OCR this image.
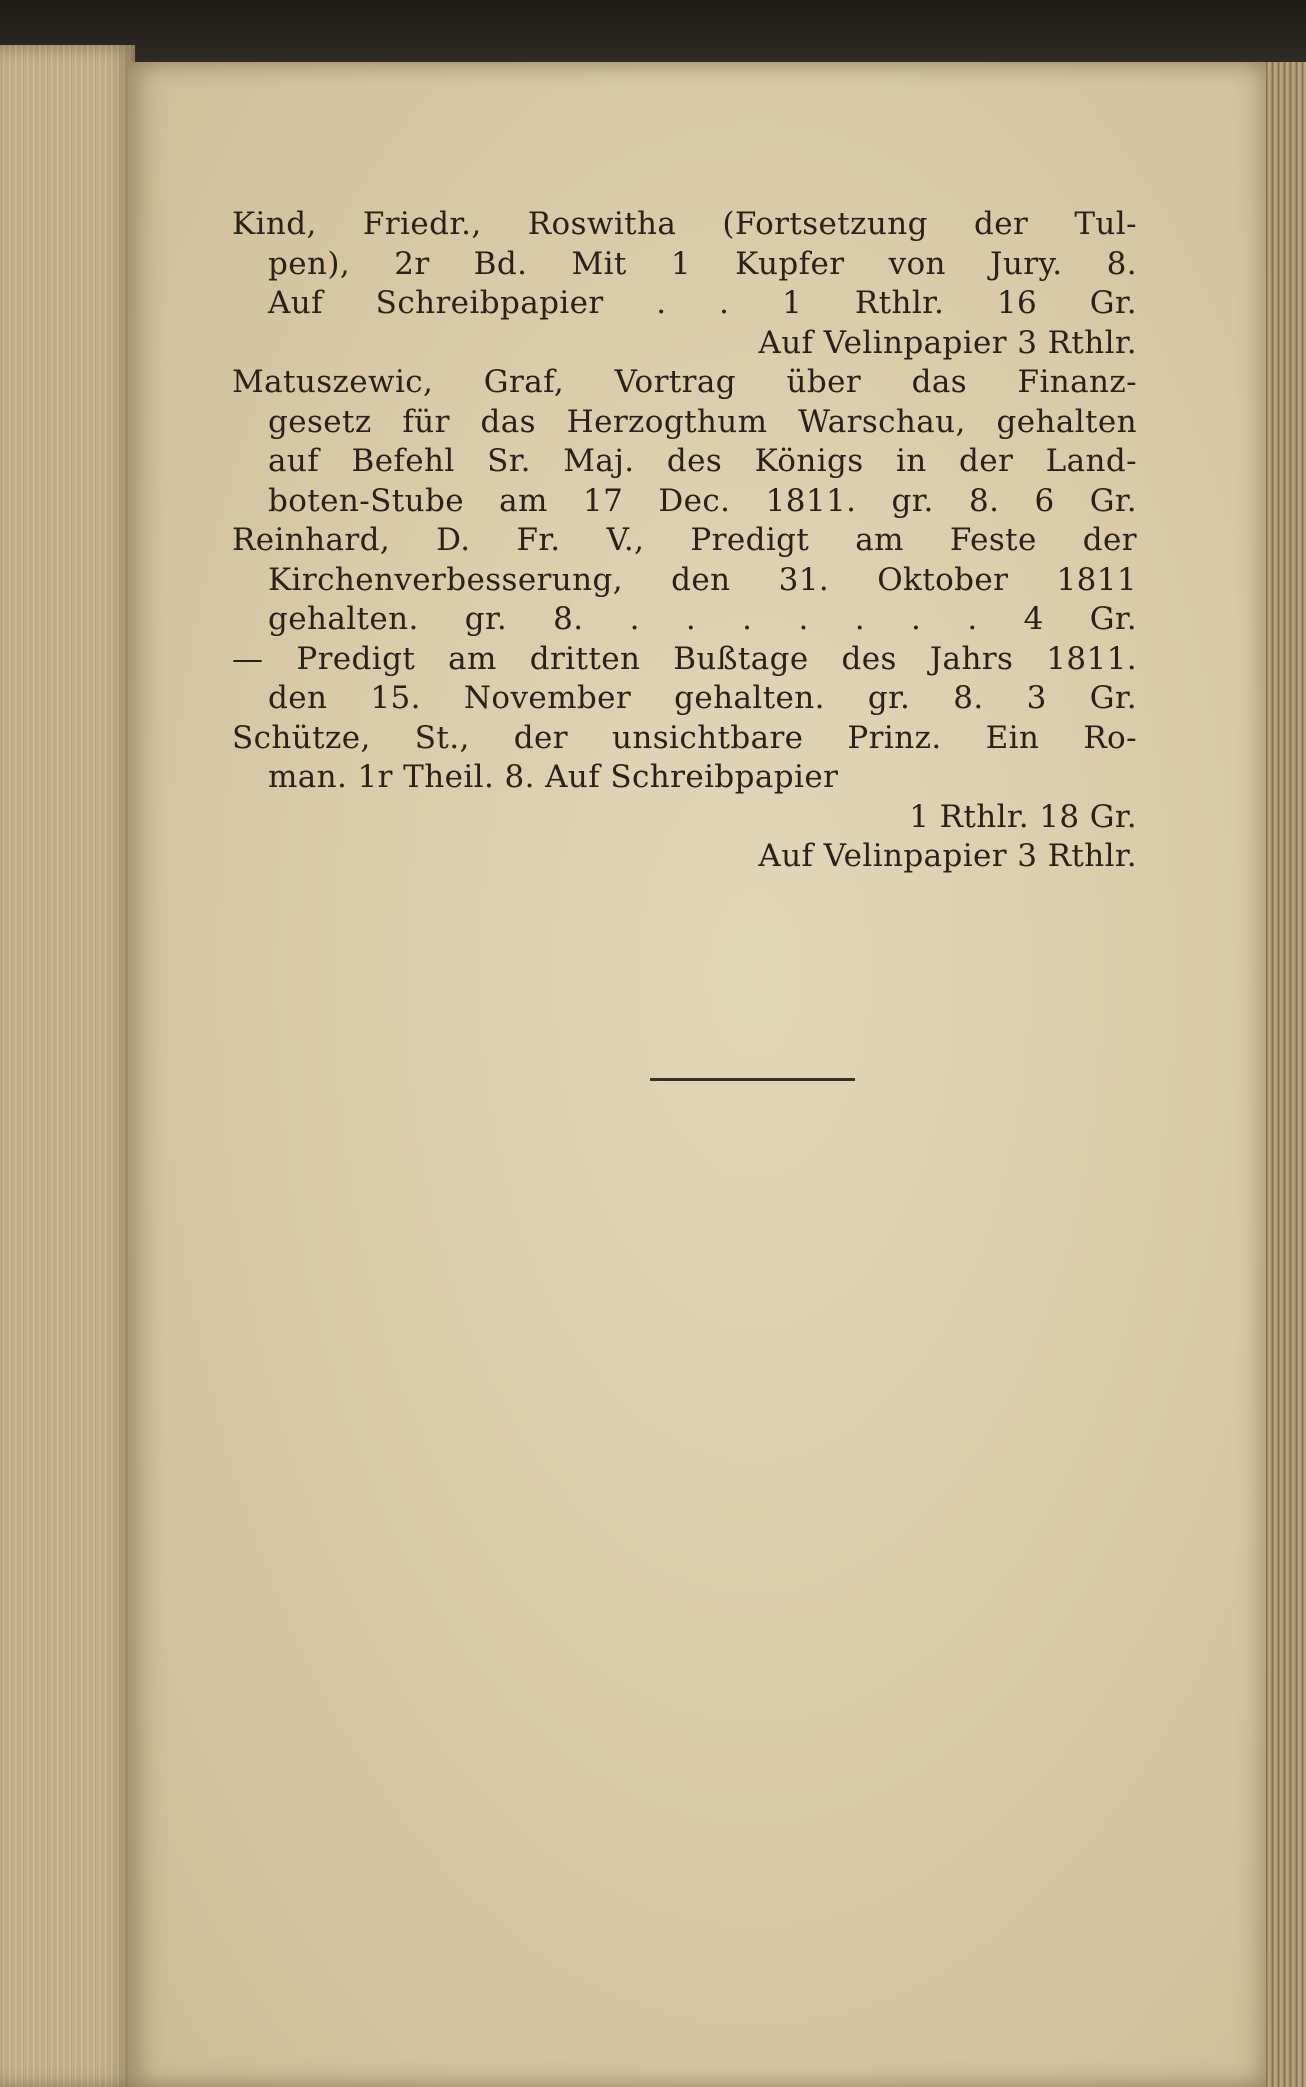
Kind, Friedr., Roswitha (Fortsetzung der Tul-
pen), 2r Bd. Mit 1 Kupfer von Jury. 8.
Auf Schreibpapier . . 1 Rthlr. 16 Gr.
Auf Velinpapier 3 Rthlr.
Matuszewic, Graf, Vortrag über das Finanz-
gesetz für das Herzogthum Warschau, gehalten
auf Befehl Sr. Maj. des Königs in der Land-
boten-Stube am 17 Dec. 1811. gr. 8. 6 Gr.
Reinhard, D. Fr. V., Predigt am Feste der
Kirchenverbesserung, den 31. Oktober 1811
gehalten. gr. 8. . . . . . . . 4 Gr.
— Predigt am dritten Bußtage des Jahrs 1811.
den 15. November gehalten. gr. 8. 3 Gr.
Schütze, St., der unsichtbare Prinz. Ein Ro-
man. 1r Theil. 8. Auf Schreibpapier
1 Rthlr. 18 Gr.
Auf Velinpapier 3 Rthlr.
